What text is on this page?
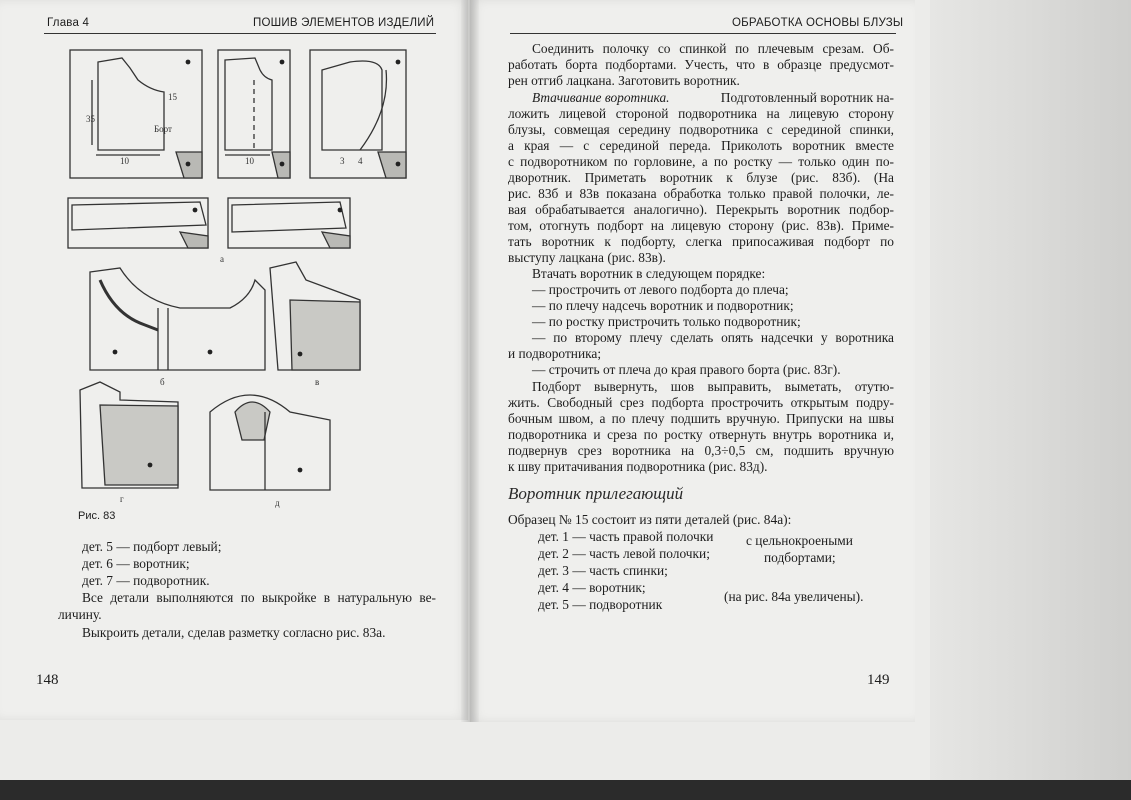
Глава 4	ПОШИВ ЭЛЕМЕНТОВ ИЗДЕЛИЙ
10	10	3 4
35
15
Борт
а
б	в
г	д
Рис. 83
дет. 5 — подборт левый;
дет. 6 — воротник;
дет. 7 — подворотник.
Все детали выполняются по выкройке в натуральную ве-
личину.
Выкроить детали, сделав разметку согласно рис. 83а.
148
ОБРАБОТКА ОСНОВЫ БЛУЗЫ
Соединить полочку со спинкой по плечевым срезам. Об-
работать борта подбортами. Учесть, что в образце предусмот-
рен отгиб лацкана. Заготовить воротник.
Втачивание воротника.	Подготовленный воротник на-
ложить лицевой стороной подворотника на лицевую сторону
блузы, совмещая середину подворотника с серединой спинки,
а края — с серединой переда. Приколоть воротник вместе
с подворотником по горловине, а по ростку — только один по-
дворотник. Приметать воротник к блузе (рис. 83б). (На
рис. 83б и 83в показана обработка только правой полочки, ле-
вая обрабатывается аналогично). Перекрыть воротник подбор-
том, отогнуть подборт на лицевую сторону (рис. 83в). Приме-
тать воротник к подборту, слегка припосаживая подборт по
выступу лацкана (рис. 83в).
Втачать воротник в следующем порядке:
— прострочить от левого подборта до плеча;
— по плечу надсечь воротник и подворотник;
— по ростку пристрочить только подворотник;
— по второму плечу сделать опять надсечки у воротника
и подворотника;
— строчить от плеча до края правого борта (рис. 83г).
Подборт вывернуть, шов выправить, выметать, отутю-
жить. Свободный срез подборта прострочить открытым подру-
бочным швом, а по плечу подшить вручную. Припуски на швы
подворотника и среза по ростку отвернуть внутрь воротника и,
подвернув срез воротника на 0,3÷0,5 см, подшить вручную
к шву притачивания подворотника (рис. 83д).
Воротник прилегающий
Образец № 15 состоит из пяти деталей (рис. 84а):
дет. 1 — часть правой полочки
дет. 2 — часть левой полочки;
дет. 3 — часть спинки;
дет. 4 — воротник;
дет. 5 — подворотник
с цельнокроеными
подбортами;
(на рис. 84а увеличены).
149
